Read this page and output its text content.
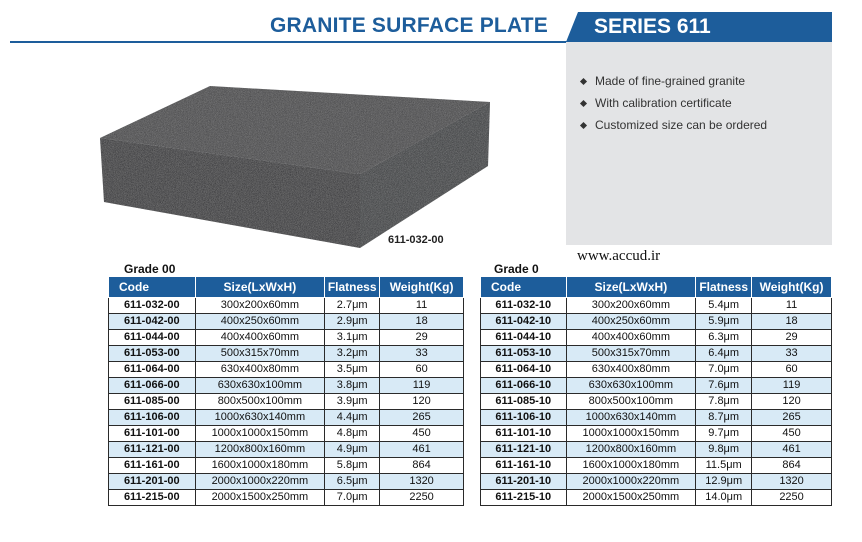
GRANITE SURFACE PLATE SERIES 611
Made of fine-grained granite
With calibration certificate
Customized size can be ordered
611-032-00
www.accud.ir
Grade 00
Code	Size(LxWxH)	Flatness	Weight(Kg)
611-032-00	300x200x60mm	2.7μm	11
611-042-00	400x250x60mm	2.9μm	18
611-044-00	400x400x60mm	3.1μm	29
611-053-00	500x315x70mm	3.2μm	33
611-064-00	630x400x80mm	3.5μm	60
611-066-00	630x630x100mm	3.8μm	119
611-085-00	800x500x100mm	3.9μm	120
611-106-00	1000x630x140mm	4.4μm	265
611-101-00	1000x1000x150mm	4.8μm	450
611-121-00	1200x800x160mm	4.9μm	461
611-161-00	1600x1000x180mm	5.8μm	864
611-201-00	2000x1000x220mm	6.5μm	1320
611-215-00	2000x1500x250mm	7.0μm	2250
Grade 0
Code	Size(LxWxH)	Flatness	Weight(Kg)
611-032-10	300x200x60mm	5.4μm	11
611-042-10	400x250x60mm	5.9μm	18
611-044-10	400x400x60mm	6.3μm	29
611-053-10	500x315x70mm	6.4μm	33
611-064-10	630x400x80mm	7.0μm	60
611-066-10	630x630x100mm	7.6μm	119
611-085-10	800x500x100mm	7.8μm	120
611-106-10	1000x630x140mm	8.7μm	265
611-101-10	1000x1000x150mm	9.7μm	450
611-121-10	1200x800x160mm	9.8μm	461
611-161-10	1600x1000x180mm	11.5μm	864
611-201-10	2000x1000x220mm	12.9μm	1320
611-215-10	2000x1500x250mm	14.0μm	2250
